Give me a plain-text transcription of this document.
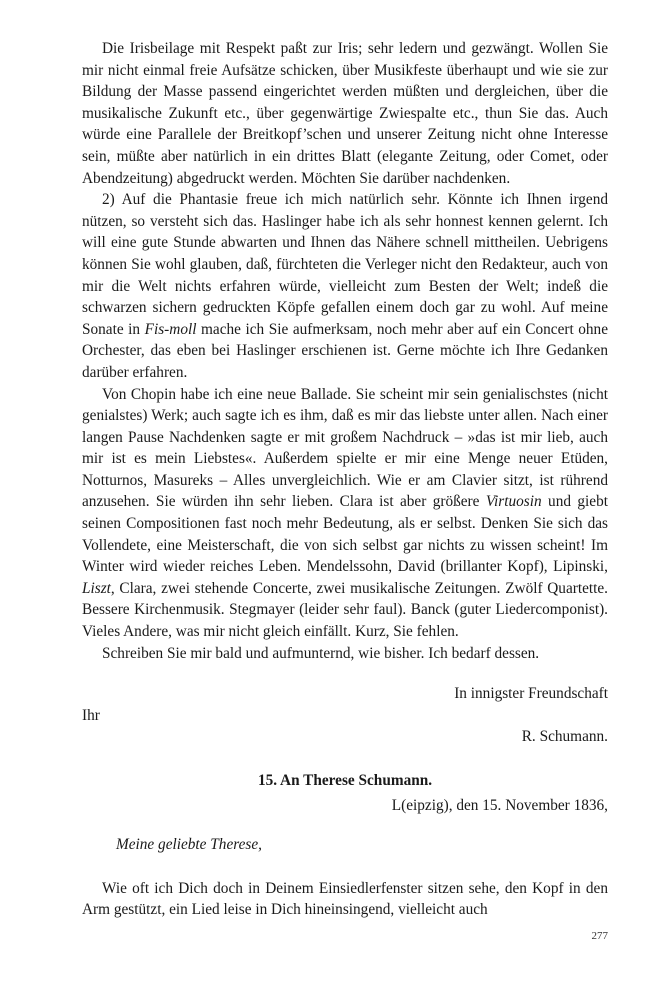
Die Irisbeilage mit Respekt paßt zur Iris; sehr ledern und gezwängt. Wollen Sie mir nicht einmal freie Aufsätze schicken, über Musikfeste überhaupt und wie sie zur Bildung der Masse passend eingerichtet werden müßten und dergleichen, über die musikalische Zukunft etc., über gegenwärtige Zwiespalte etc., thun Sie das. Auch würde eine Parallele der Breitkopf’schen und unserer Zeitung nicht ohne Interesse sein, müßte aber natürlich in ein drittes Blatt (elegante Zeitung, oder Comet, oder Abendzeitung) abgedruckt werden. Möchten Sie darüber nachdenken.

2) Auf die Phantasie freue ich mich natürlich sehr. Könnte ich Ihnen irgend nützen, so versteht sich das. Haslinger habe ich als sehr honnest kennen gelernt. Ich will eine gute Stunde abwarten und Ihnen das Nähere schnell mittheilen. Uebrigens können Sie wohl glauben, daß, fürchteten die Verleger nicht den Redakteur, auch von mir die Welt nichts erfahren würde, vielleicht zum Besten der Welt; indeß die schwarzen sichern gedruckten Köpfe gefallen einem doch gar zu wohl. Auf meine Sonate in Fis-moll mache ich Sie aufmerksam, noch mehr aber auf ein Concert ohne Orchester, das eben bei Haslinger erschienen ist. Gerne möchte ich Ihre Gedanken darüber erfahren.

Von Chopin habe ich eine neue Ballade. Sie scheint mir sein genialischstes (nicht genialstes) Werk; auch sagte ich es ihm, daß es mir das liebste unter allen. Nach einer langen Pause Nachdenken sagte er mit großem Nachdruck – »das ist mir lieb, auch mir ist es mein Liebstes«. Außerdem spielte er mir eine Menge neuer Etüden, Notturnos, Masureks – Alles unvergleichlich. Wie er am Clavier sitzt, ist rührend anzusehen. Sie würden ihn sehr lieben. Clara ist aber größere Virtuosin und giebt seinen Compositionen fast noch mehr Bedeutung, als er selbst. Denken Sie sich das Vollendete, eine Meisterschaft, die von sich selbst gar nichts zu wissen scheint! Im Winter wird wieder reiches Leben. Mendelssohn, David (brillanter Kopf), Lipinski, Liszt, Clara, zwei stehende Concerte, zwei musikalische Zeitungen. Zwölf Quartette. Bessere Kirchenmusik. Stegmayer (leider sehr faul). Banck (guter Liedercomponist). Vieles Andere, was mir nicht gleich einfällt. Kurz, Sie fehlen.

Schreiben Sie mir bald und aufmunternd, wie bisher. Ich bedarf dessen.

In innigster Freundschaft
Ihr
R. Schumann.
15. An Therese Schumann.
L(eipzig), den 15. November 1836,
Meine geliebte Therese,

Wie oft ich Dich doch in Deinem Einsiedlerfenster sitzen sehe, den Kopf in den Arm gestützt, ein Lied leise in Dich hineinsingend, vielleicht auch

277
